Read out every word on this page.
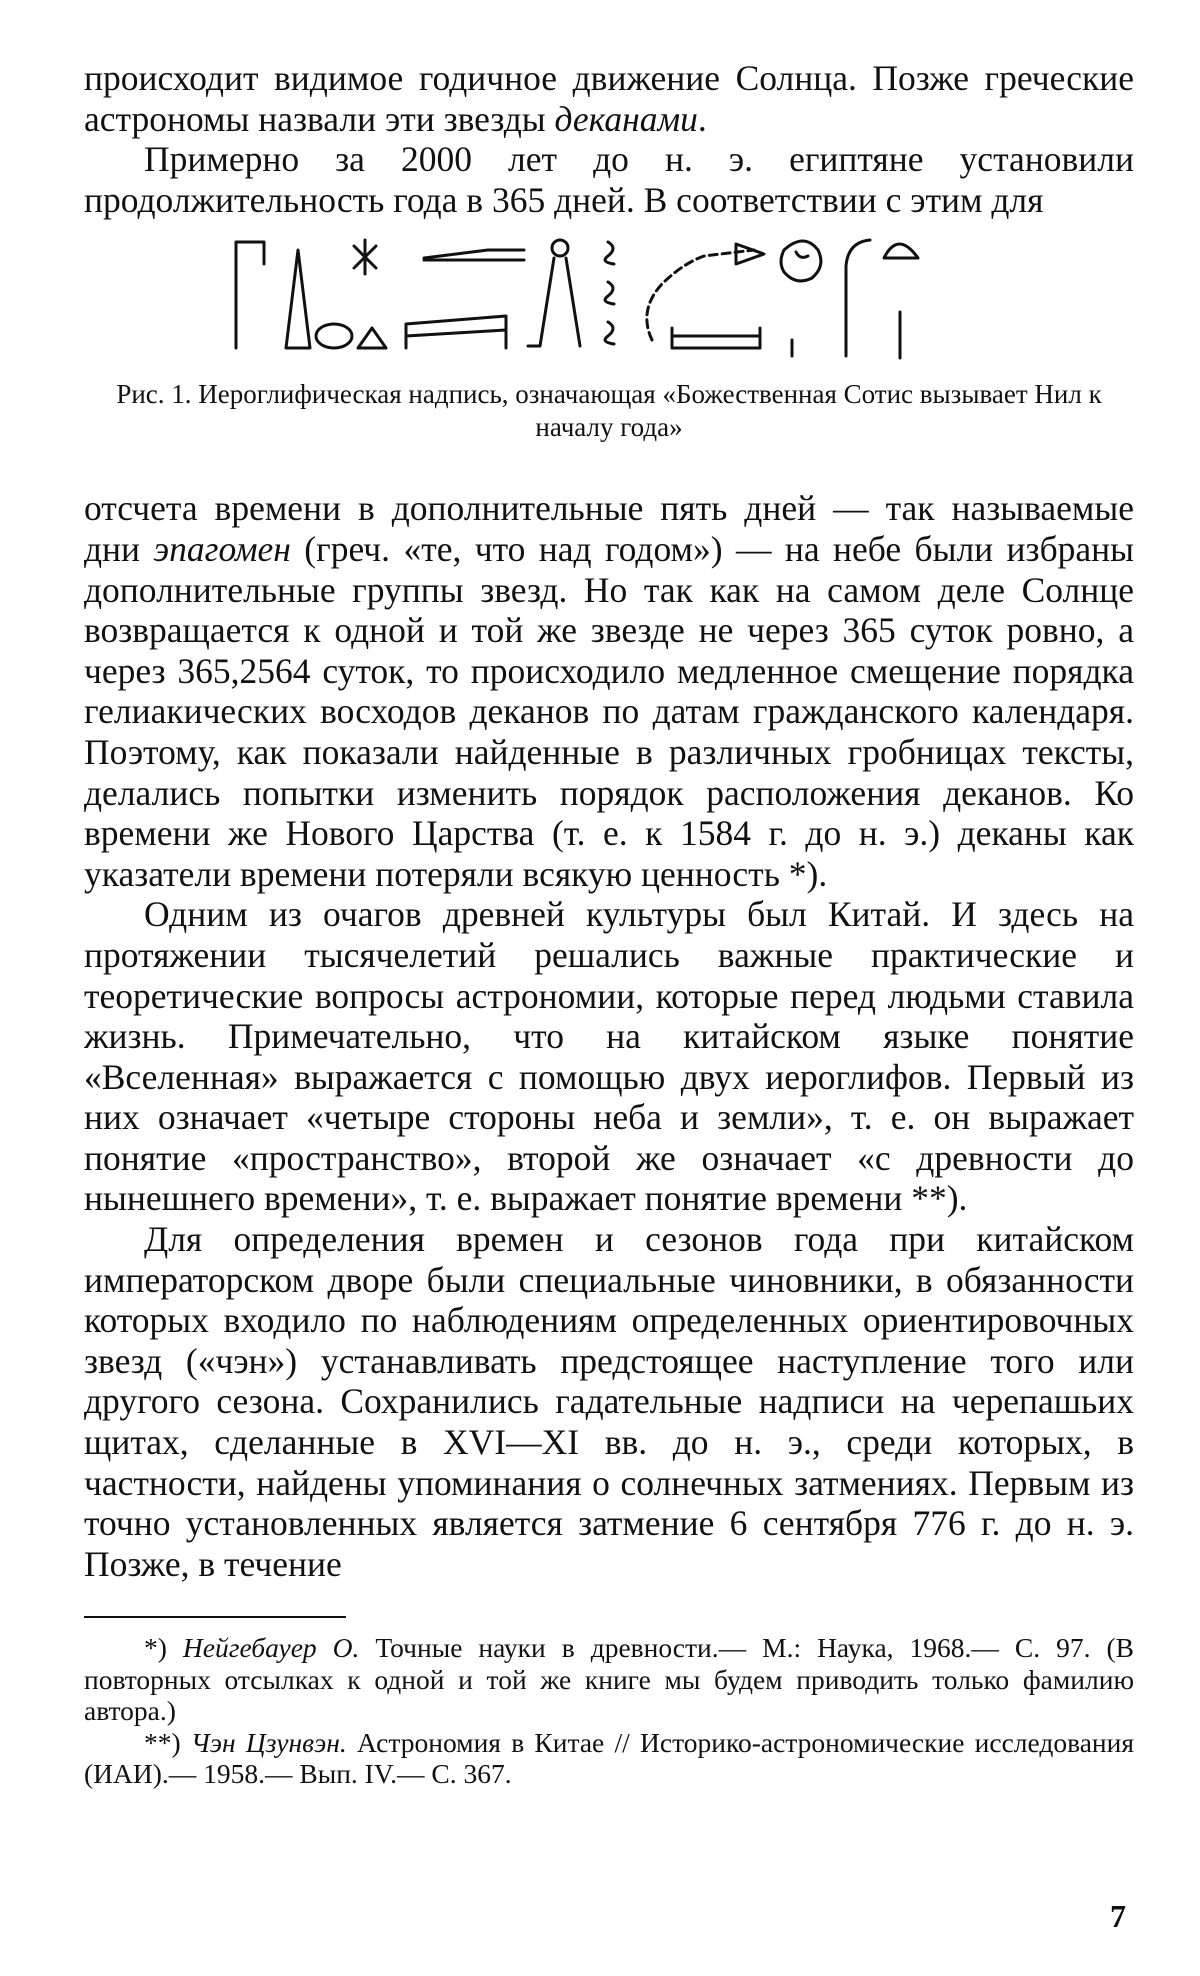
происходит видимое годичное движение Солнца. Позже греческие астрономы назвали эти звезды деканами.

Примерно за 2000 лет до н. э. египтяне установили продолжительность года в 365 дней. В соответствии с этим для

Рис. 1. Иероглифическая надпись, означающая «Божественная Сотис вызывает Нил к началу года»

отсчета времени в дополнительные пять дней — так называемые дни эпагомен (греч. «те, что над годом») — на небе были избраны дополнительные группы звезд. Но так как на самом деле Солнце возвращается к одной и той же звезде не через 365 суток ровно, а через 365,2564 суток, то происходило медленное смещение порядка гелиакических восходов деканов по датам гражданского календаря. Поэтому, как показали найденные в различных гробницах тексты, делались попытки изменить порядок расположения деканов. Ко времени же Нового Царства (т. е. к 1584 г. до н. э.) деканы как указатели времени потеряли всякую ценность *).

Одним из очагов древней культуры был Китай. И здесь на протяжении тысячелетий решались важные практические и теоретические вопросы астрономии, которые перед людьми ставила жизнь. Примечательно, что на китайском языке понятие «Вселенная» выражается с помощью двух иероглифов. Первый из них означает «четыре стороны неба и земли», т. е. он выражает понятие «пространство», второй же означает «с древности до нынешнего времени», т. е. выражает понятие времени **).

Для определения времен и сезонов года при китайском императорском дворе были специальные чиновники, в обязанности которых входило по наблюдениям определенных ориентировочных звезд («чэн») устанавливать предстоящее наступление того или другого сезона. Сохранились гадательные надписи на черепашьих щитах, сделанные в XVI—XI вв. до н. э., среди которых, в частности, найдены упоминания о солнечных затмениях. Первым из точно установленных является затмение 6 сентября 776 г. до н. э. Позже, в течение

*) Нейгебауер О. Точные науки в древности.— М.: Наука, 1968.— С. 97. (В повторных отсылках к одной и той же книге мы будем приводить только фамилию автора.)

**) Чэн Цзунвэн. Астрономия в Китае // Историко-астрономические исследования (ИАИ).— 1958.— Вып. IV.— С. 367.

7
